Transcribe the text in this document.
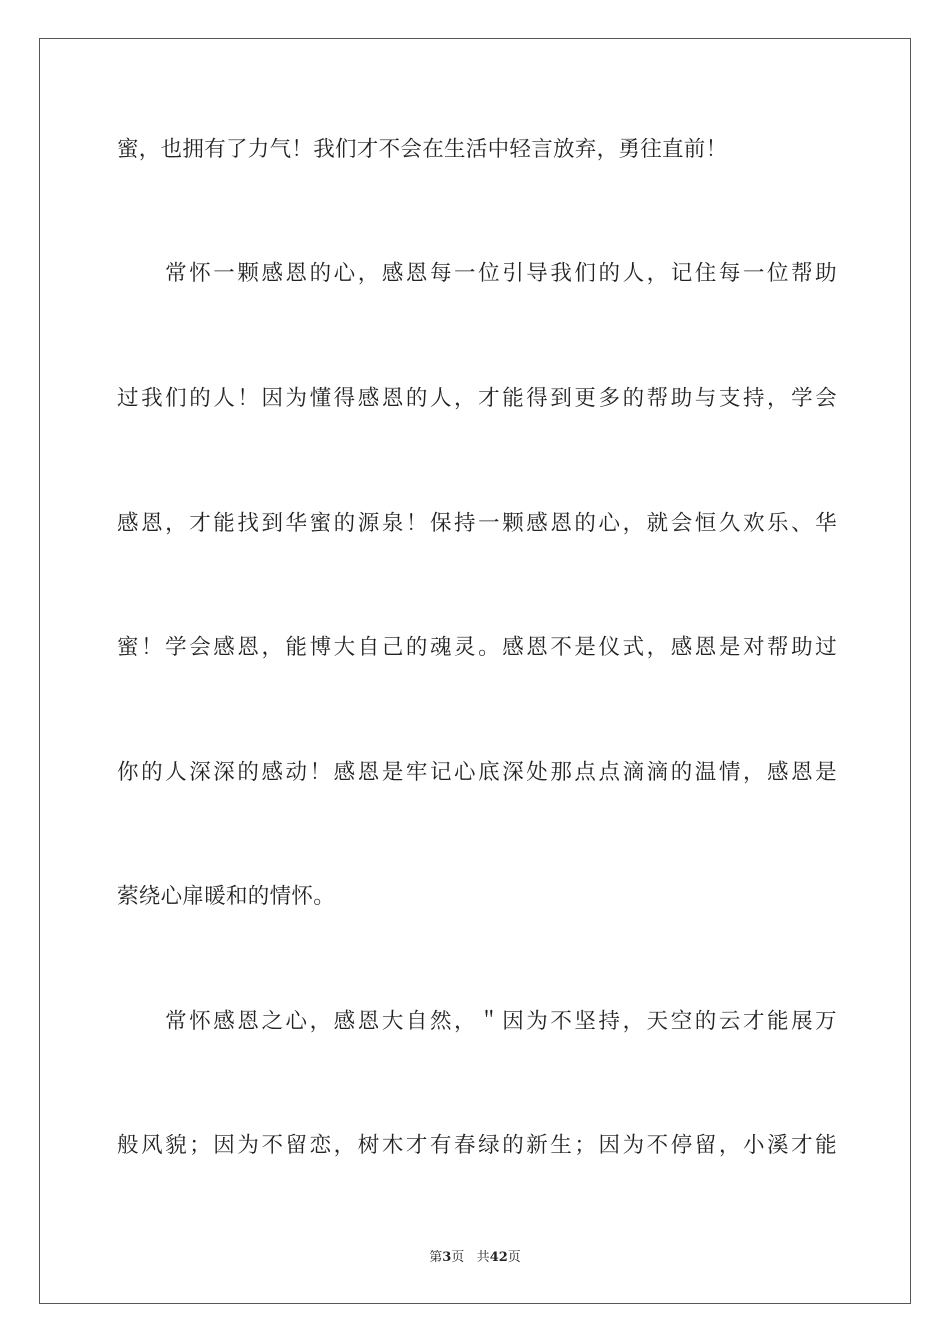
蜜，也拥有了力气！我们才不会在生活中轻言放弃，勇往直前！
　　常怀一颗感恩的心，感恩每一位引导我们的人，记住每一位帮助
过我们的人！因为懂得感恩的人，才能得到更多的帮助与支持，学会
感恩，才能找到华蜜的源泉！保持一颗感恩的心，就会恒久欢乐、华
蜜！学会感恩，能博大自己的魂灵。感恩不是仪式，感恩是对帮助过
你的人深深的感动！感恩是牢记心底深处那点点滴滴的温情，感恩是
萦绕心扉暖和的情怀。
　　常怀感恩之心，感恩大自然，＂因为不坚持，天空的云才能展万
般风貌；因为不留恋，树木才有春绿的新生；因为不停留，小溪才能
第3页 共42页
